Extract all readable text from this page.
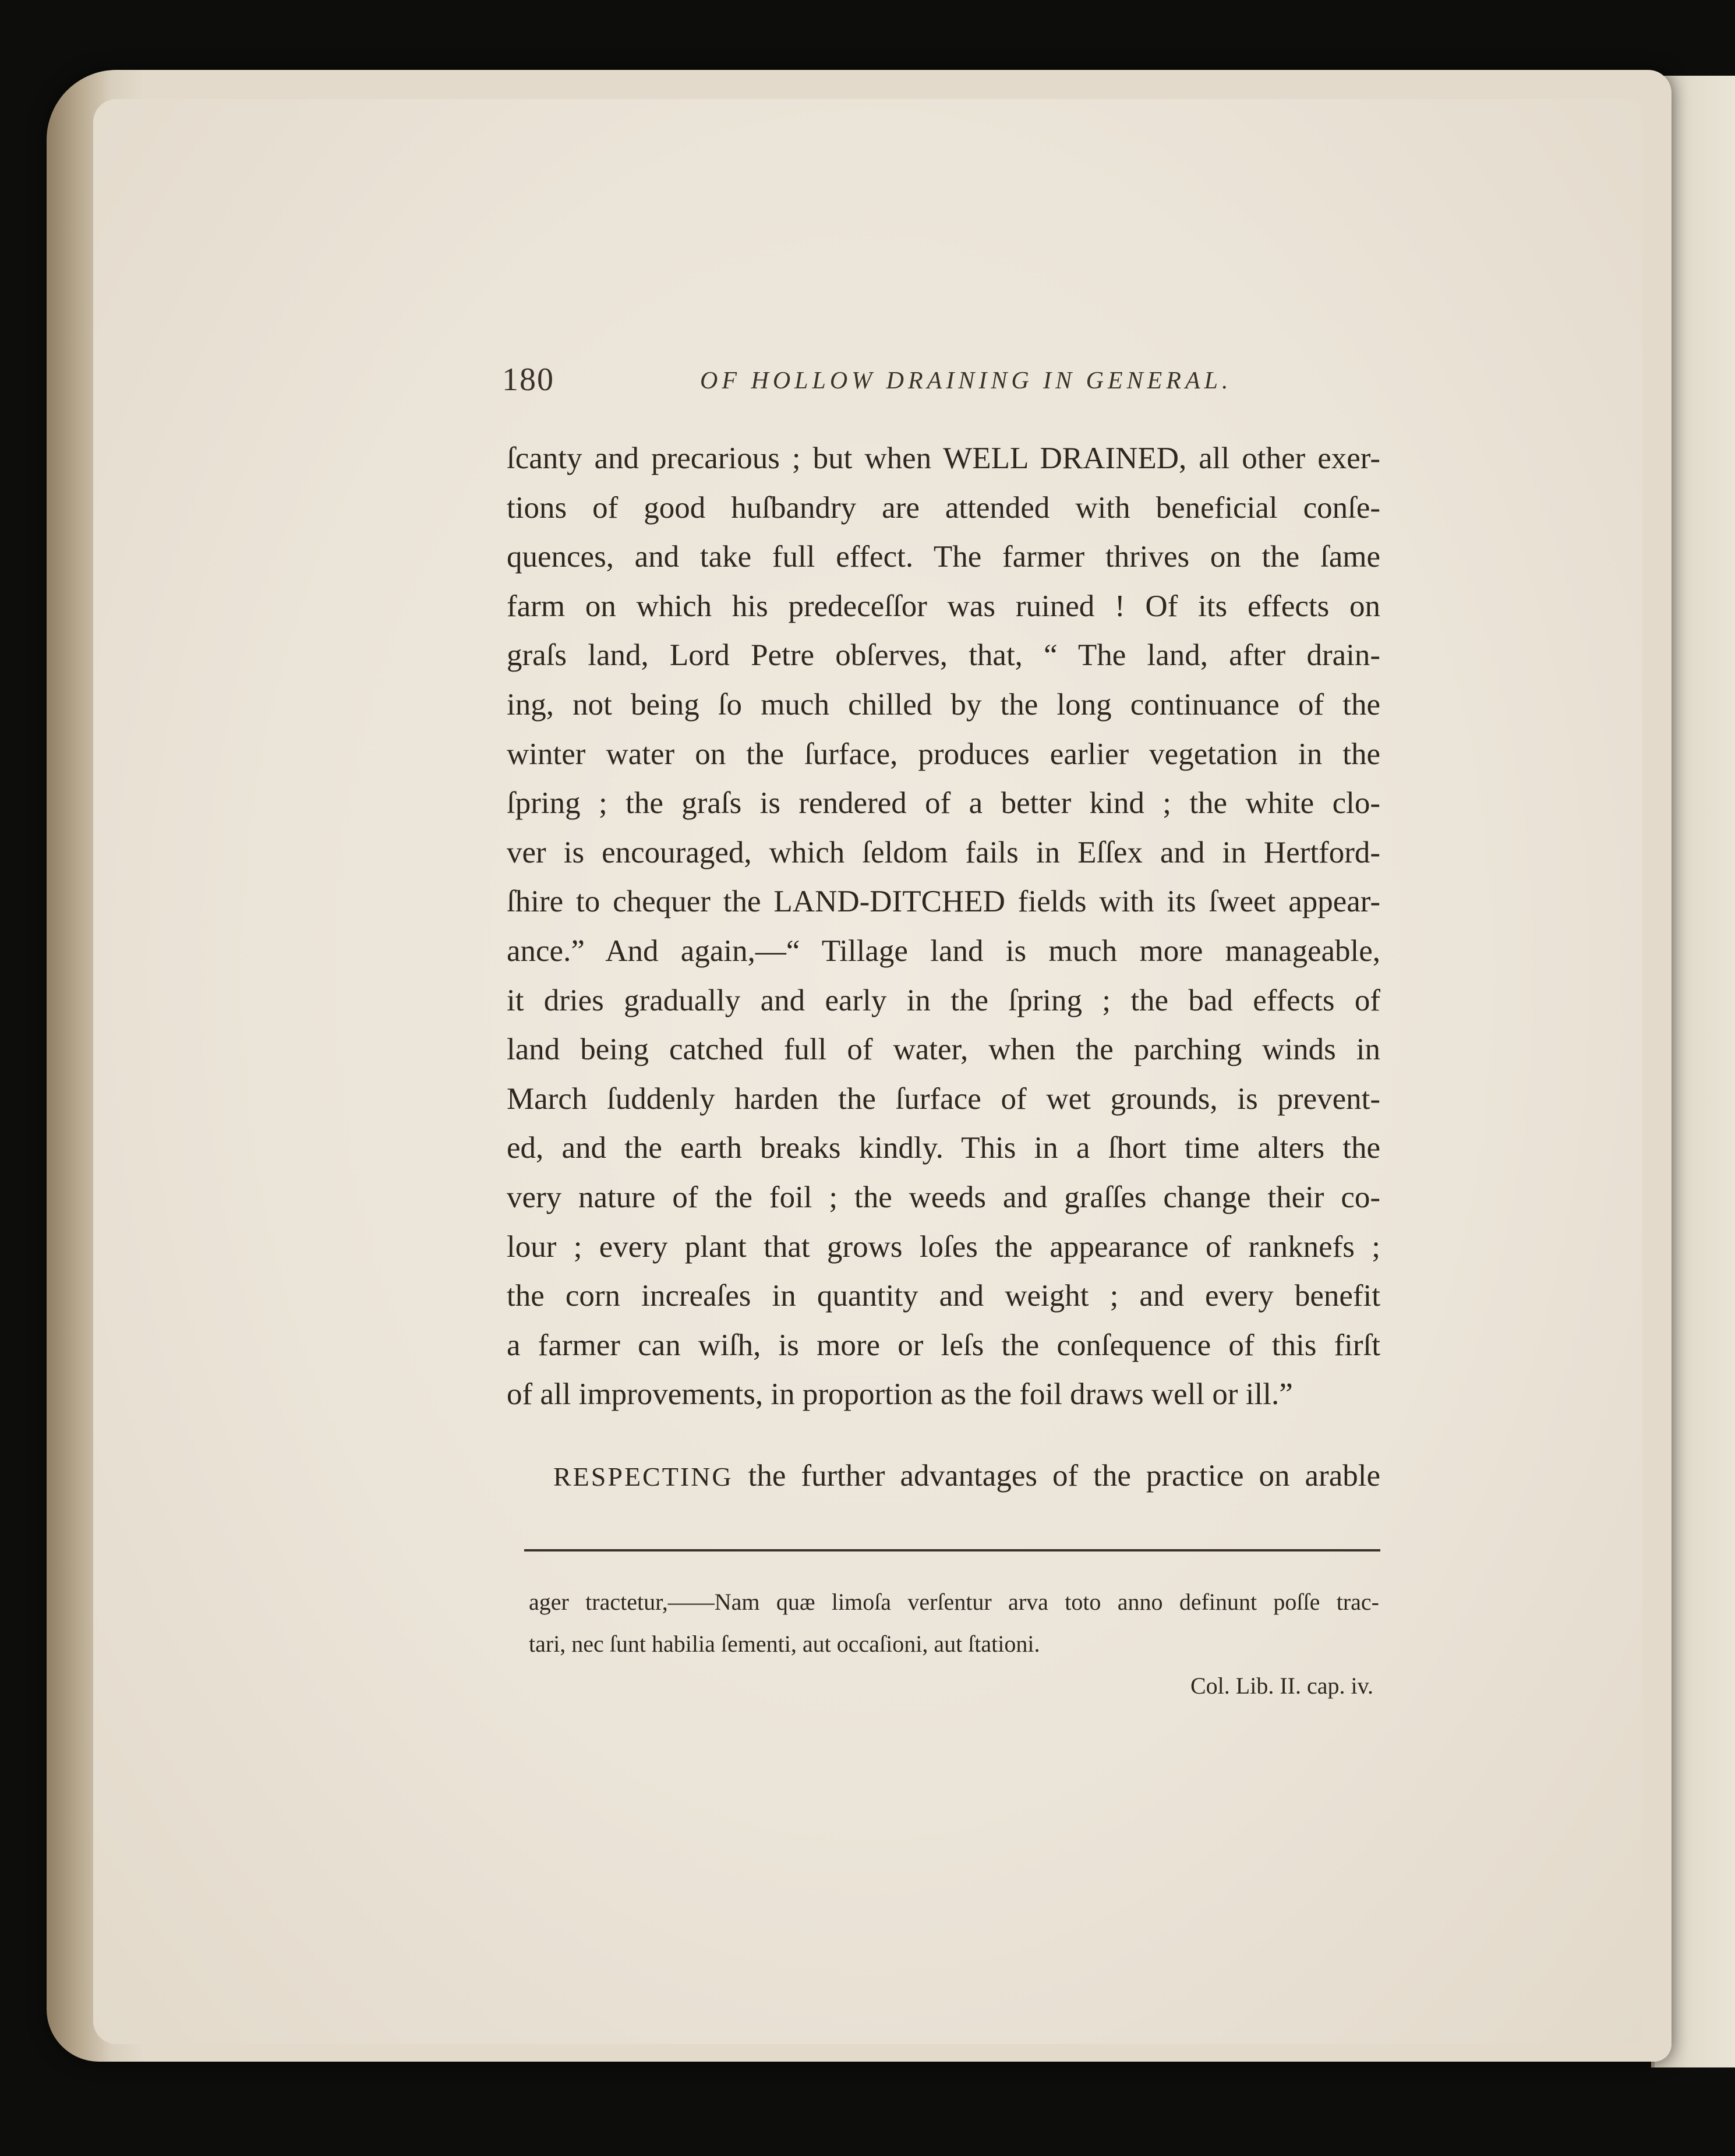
180	OF HOLLOW DRAINING IN GENERAL.
ſcanty and precarious ; but when WELL DRAINED, all other exer-
tions of good huſbandry are attended with beneficial conſe-
quences, and take full effect. The farmer thrives on the ſame
farm on which his predeceſſor was ruined ! Of its effects on
graſs land, Lord Petre obſerves, that, “ The land, after drain-
ing, not being ſo much chilled by the long continuance of the
winter water on the ſurface, produces earlier vegetation in the
ſpring ; the graſs is rendered of a better kind ; the white clo-
ver is encouraged, which ſeldom fails in Eſſex and in Hertford-
ſhire to chequer the LAND-DITCHED fields with its ſweet appear-
ance.” And again,—“ Tillage land is much more manageable,
it dries gradually and early in the ſpring ; the bad effects of
land being catched full of water, when the parching winds in
March ſuddenly harden the ſurface of wet grounds, is prevent-
ed, and the earth breaks kindly. This in a ſhort time alters the
very nature of the foil ; the weeds and graſſes change their co-
lour ; every plant that grows loſes the appearance of ranknefs ;
the corn increaſes in quantity and weight ; and every benefit
a farmer can wiſh, is more or leſs the conſequence of this firſt
of all improvements, in proportion as the foil draws well or ill.”
RESPECTING the further advantages of the practice on arable
ager tractetur,——Nam quæ limoſa verſentur arva toto anno definunt poſſe trac-
tari, nec ſunt habilia ſementi, aut occaſioni, aut ſtationi.
Col. Lib. II. cap. iv.
